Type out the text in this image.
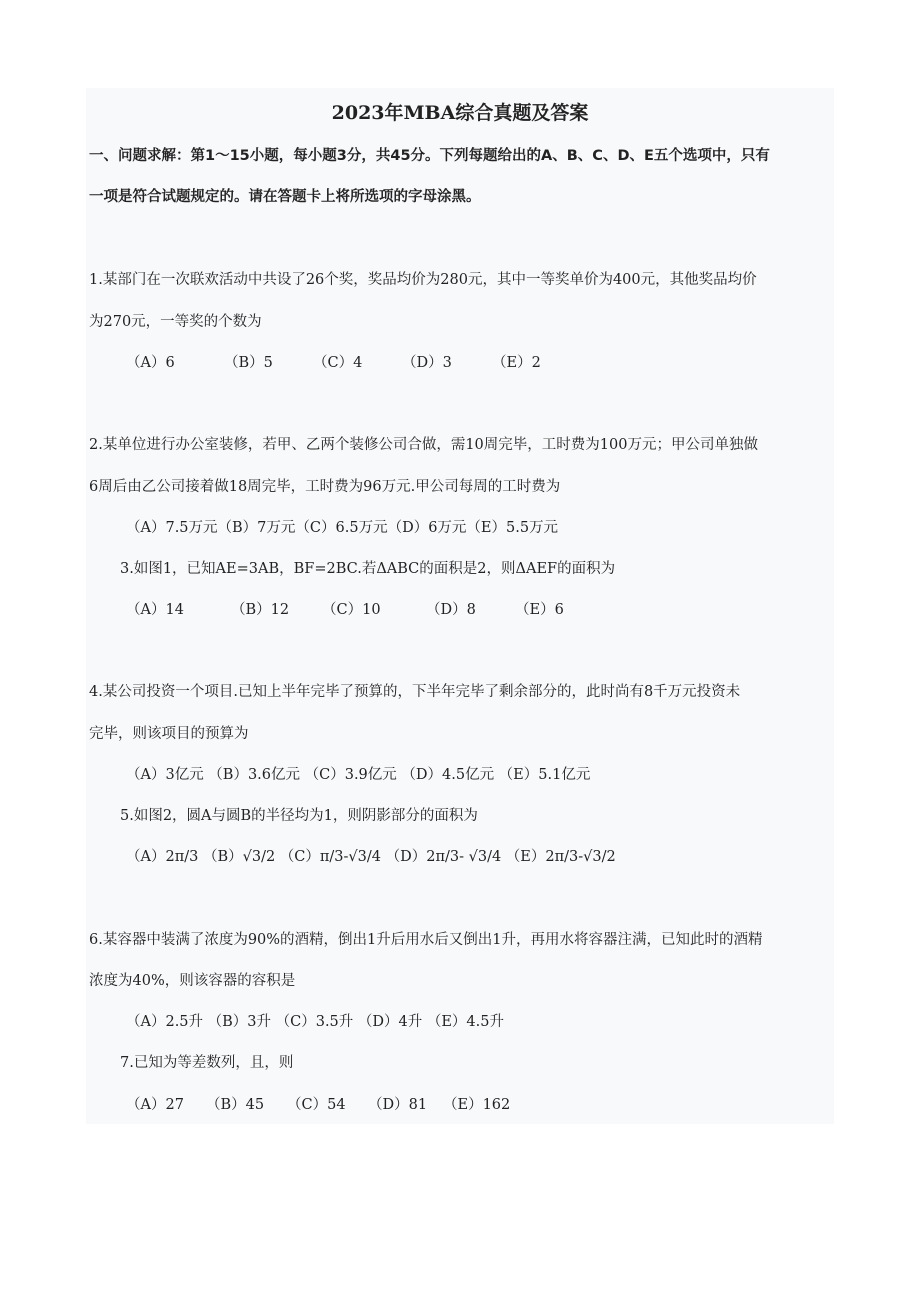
2023年MBA综合真题及答案
一、问题求解：第1～15小题，每小题3分，共45分。下列每题给出的A、B、C、D、E五个选项中，只有
一项是符合试题规定的。请在答题卡上将所选项的字母涂黑。
1.某部门在一次联欢活动中共设了26个奖，奖品均价为280元，其中一等奖单价为400元，其他奖品均价
为270元，一等奖的个数为
（A）6	（B）5	（C）4	（D）3	（E）2
2.某单位进行办公室装修，若甲、乙两个装修公司合做，需10周完毕，工时费为100万元；甲公司单独做
6周后由乙公司接着做18周完毕，工时费为96万元.甲公司每周的工时费为
（A）7.5万元（B）7万元（C）6.5万元（D）6万元（E）5.5万元
3.如图1，已知AE=3AB，BF=2BC.若ΔABC的面积是2，则ΔAEF的面积为
（A）14	（B）12 （C）10	（D）8	（E）6
4.某公司投资一个项目.已知上半年完毕了预算的，下半年完毕了剩余部分的，此时尚有8千万元投资未
完毕，则该项目的预算为
（A）3亿元 （B）3.6亿元 （C）3.9亿元 （D）4.5亿元 （E）5.1亿元
5.如图2，圆A与圆B的半径均为1，则阴影部分的面积为
（A）2π/3 （B）√3/2 （C）π/3-√3/4 （D）2π/3- √3/4 （E）2π/3-√3/2
6.某容器中装满了浓度为90%的酒精，倒出1升后用水后又倒出1升，再用水将容器注满，已知此时的酒精
浓度为40%，则该容器的容积是
（A）2.5升 （B）3升 （C）3.5升 （D）4升 （E）4.5升
7.已知为等差数列，且，则
（A）27 （B）45 （C）54 （D）81 （E）162
